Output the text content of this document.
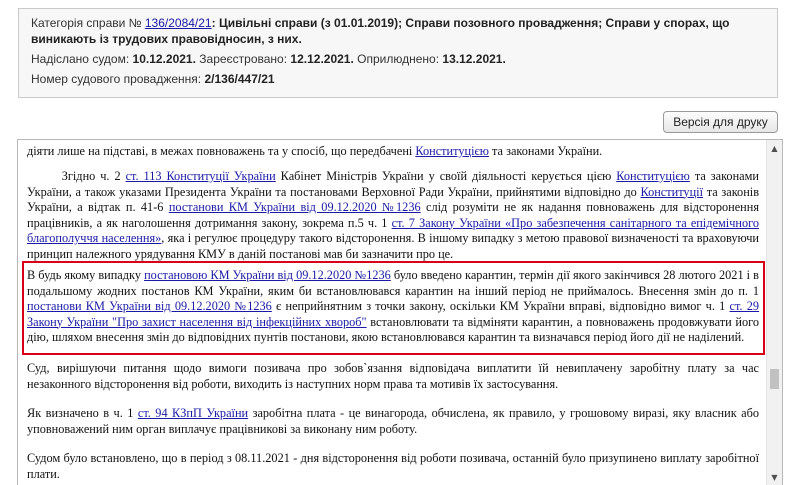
Категорія справи № 136/2084/21: Цивільні справи (з 01.01.2019); Справи позовного провадження; Справи у спорах, що виникають із трудових правовідносин, з них.
Надіслано судом: 10.12.2021. Зареєстровано: 12.12.2021. Оприлюднено: 13.12.2021.
Номер судового провадження: 2/136/447/21
Версія для друку

діяти лише на підставі, в межах повноважень та у спосіб, що передбачені Конституцією та законами України.

Згідно ч. 2 ст. 113 Конституції України Кабінет Міністрів України у своїй діяльності керується цією Конституцією та законами України, а також указами Президента України та постановами Верховної Ради України, прийнятими відповідно до Конституції та законів України, а відтак п. 41-6 постанови КМ України від 09.12.2020 №1236 слід розуміти не як надання повноважень для відсторонення працівників, а як наголошення дотримання закону, зокрема п.5 ч. 1 ст. 7 Закону України «Про забезпечення санітарного та епідемічного благополуччя населення», яка і регулює процедуру такого відсторонення. В іншому випадку з метою правової визначеності та враховуючи принцип належного урядування КМУ в даній постанові мав би зазначити про це.

В будь якому випадку постановою КМ України від 09.12.2020 №1236 було введено карантин, термін дії якого закінчився 28 лютого 2021 і в подальшому жодних постанов КМ України, яким би встановлювався карантин на інший період не приймалось. Внесення змін до п. 1 постанови КМ України від 09.12.2020 №1236 є неприйнятним з точки закону, оскільки КМ України вправі, відповідно вимог ч. 1 ст. 29 Закону України "Про захист населення від інфекційних хвороб" встановлювати та відміняти карантин, а повноважень продовжувати його дію, шляхом внесення змін до відповідних пунтів постанови, якою встановлювався карантин та визначався період його дії не наділений.

Суд, вирішуючи питання щодо вимоги позивача про зобов`язання відповідача виплатити їй невиплачену заробітну плату за час незаконного відсторонення від роботи, виходить із наступних норм права та мотивів їх застосування.

Як визначено в ч. 1 ст. 94 КЗпП України заробітна плата - це винагорода, обчислена, як правило, у грошовому виразі, яку власник або уповноважений ним орган виплачує працівникові за виконану ним роботу.

Судом було встановлено, що в період з 08.11.2021 - дня відсторонення від роботи позивача, останній було призупинено виплату заробітної плати.

▲
▼
